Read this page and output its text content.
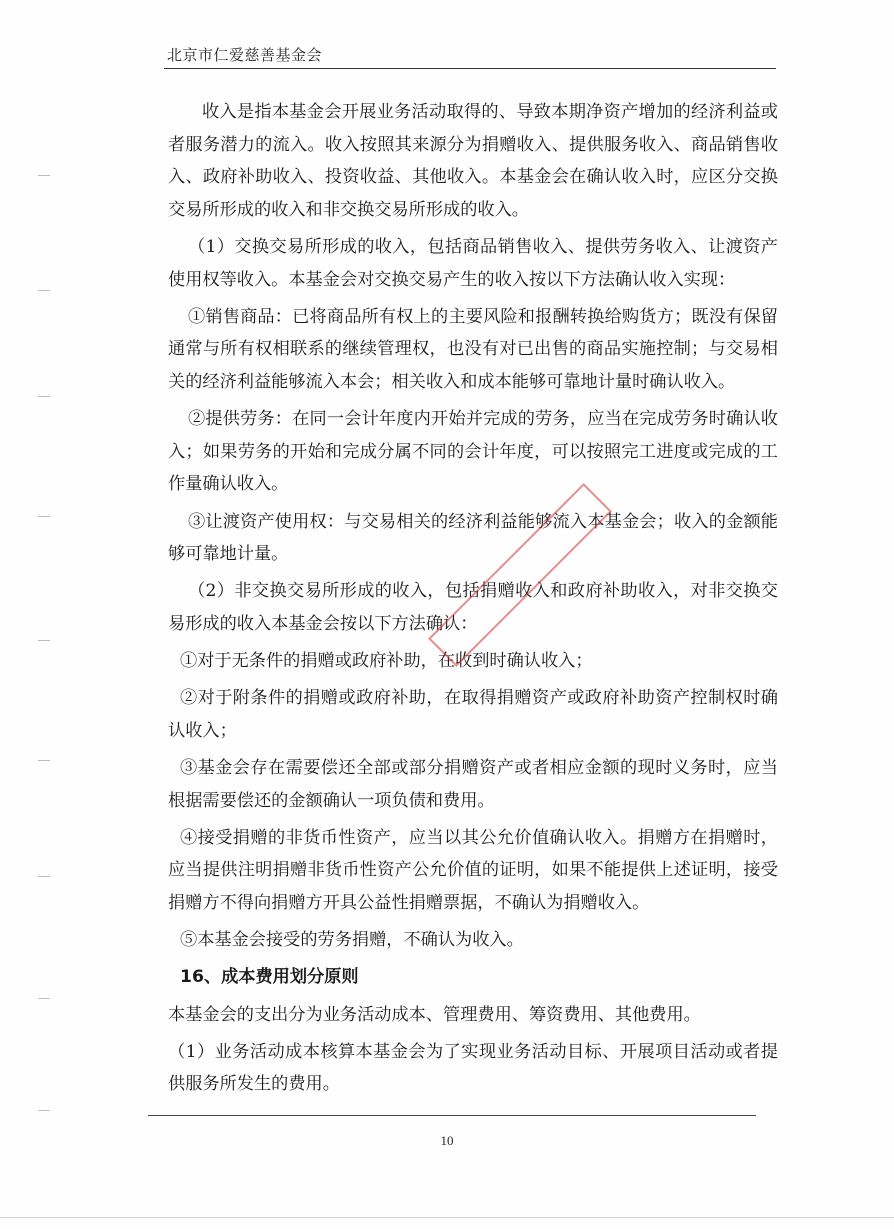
北京市仁爱慈善基金会

收入是指本基金会开展业务活动取得的、导致本期净资产增加的经济利益或者服务潜力的流入。收入按照其来源分为捐赠收入、提供服务收入、商品销售收入、政府补助收入、投资收益、其他收入。本基金会在确认收入时，应区分交换交易所形成的收入和非交换交易所形成的收入。

（1）交换交易所形成的收入，包括商品销售收入、提供劳务收入、让渡资产使用权等收入。本基金会对交换交易产生的收入按以下方法确认收入实现：

①销售商品：已将商品所有权上的主要风险和报酬转换给购货方；既没有保留通常与所有权相联系的继续管理权，也没有对已出售的商品实施控制；与交易相关的经济利益能够流入本会；相关收入和成本能够可靠地计量时确认收入。

②提供劳务：在同一会计年度内开始并完成的劳务，应当在完成劳务时确认收入；如果劳务的开始和完成分属不同的会计年度，可以按照完工进度或完成的工作量确认收入。

③让渡资产使用权：与交易相关的经济利益能够流入本基金会；收入的金额能够可靠地计量。

（2）非交换交易所形成的收入，包括捐赠收入和政府补助收入，对非交换交易形成的收入本基金会按以下方法确认：

①对于无条件的捐赠或政府补助，在收到时确认收入；

②对于附条件的捐赠或政府补助，在取得捐赠资产或政府补助资产控制权时确认收入；

③基金会存在需要偿还全部或部分捐赠资产或者相应金额的现时义务时，应当根据需要偿还的金额确认一项负债和费用。

④接受捐赠的非货币性资产，应当以其公允价值确认收入。捐赠方在捐赠时，应当提供注明捐赠非货币性资产公允价值的证明，如果不能提供上述证明，接受捐赠方不得向捐赠方开具公益性捐赠票据，不确认为捐赠收入。

⑤本基金会接受的劳务捐赠，不确认为收入。

16、成本费用划分原则

本基金会的支出分为业务活动成本、管理费用、筹资费用、其他费用。

（1）业务活动成本核算本基金会为了实现业务活动目标、开展项目活动或者提供服务所发生的费用。

10
